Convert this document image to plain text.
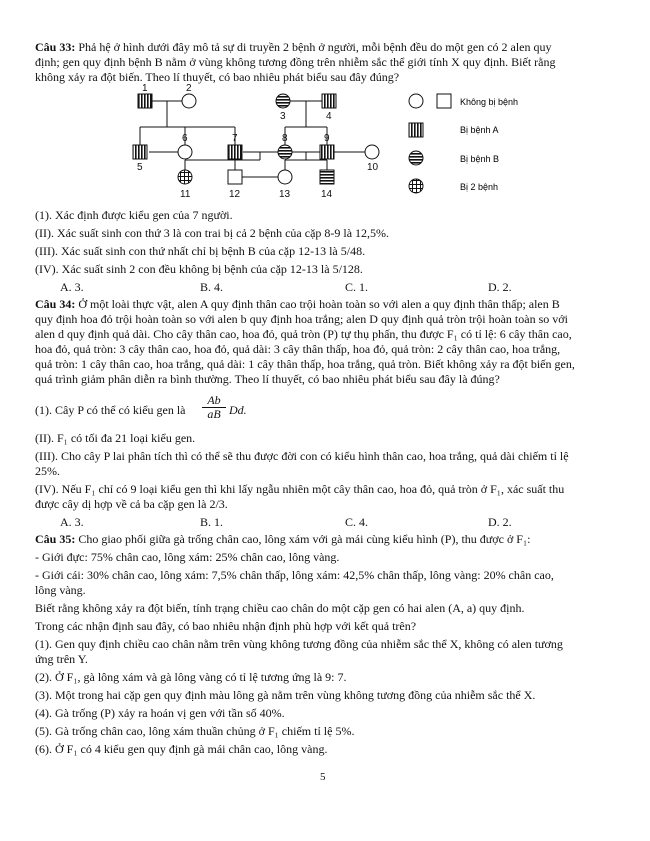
Câu 33: Phả hệ ở hình dưới đây mô tả sự di truyền 2 bệnh ở người, mỗi bệnh đều do một gen có 2 alen quy
định; gen quy định bệnh B nằm ở vùng không tương đồng trên nhiễm sắc thể giới tính X quy định. Biết rằng
không xảy ra đột biến. Theo lí thuyết, có bao nhiêu phát biểu sau đây đúng?
1	2
3	4
5
6	7	8	9
10
11	12	13	14
Không bị bệnh
Bị bệnh A
Bị bệnh B
Bị 2 bệnh
(1). Xác định được kiểu gen của 7 người.
(II). Xác suất sinh con thứ 3 là con trai bị cả 2 bệnh của cặp 8-9 là 12,5%.
(III). Xác suất sinh con thứ nhất chỉ bị bệnh B của cặp 12-13 là 5/48.
(IV). Xác suất sinh 2 con đều không bị bệnh của cặp 12-13 là 5/128.
A. 3.	B. 4.	C. 1.	D. 2.
Câu 34: Ở một loài thực vật, alen A quy định thân cao trội hoàn toàn so với alen a quy định thân thấp; alen B
quy định hoa đỏ trội hoàn toàn so với alen b quy định hoa trắng; alen D quy định quả tròn trội hoàn toàn so với
alen d quy định quả dài. Cho cây thân cao, hoa đỏ, quả tròn (P) tự thụ phấn, thu được F₁ có tỉ lệ: 6 cây thân cao,
hoa đỏ, quả tròn: 3 cây thân cao, hoa đỏ, quả dài: 3 cây thân thấp, hoa đỏ, quả tròn: 2 cây thân cao, hoa trắng,
quả tròn: 1 cây thân cao, hoa trắng, quả dài: 1 cây thân thấp, hoa trắng, quả tròn. Biết không xảy ra đột biến gen,
quá trình giảm phân diễn ra bình thường. Theo lí thuyết, có bao nhiêu phát biểu sau đây là đúng?
(1). Cây P có thể có kiểu gen là
Ab
aB Dd.
(II). F₁ có tối đa 21 loại kiểu gen.
(III). Cho cây P lai phân tích thì có thể sẽ thu được đời con có kiểu hình thân cao, hoa trắng, quả dài chiếm tỉ lệ
25%.
(IV). Nếu F₁ chỉ có 9 loại kiểu gen thì khi lấy ngẫu nhiên một cây thân cao, hoa đỏ, quả tròn ở F₁, xác suất thu
được cây dị hợp về cả ba cặp gen là 2/3.
A. 3.	B. 1.	C. 4.	D. 2.
Câu 35: Cho giao phối giữa gà trống chân cao, lông xám với gà mái cùng kiểu hình (P), thu được ở F₁:
- Giới đực: 75% chân cao, lông xám: 25% chân cao, lông vàng.
- Giới cái: 30% chân cao, lông xám: 7,5% chân thấp, lông xám: 42,5% chân thấp, lông vàng: 20% chân cao,
lông vàng.
Biết rằng không xảy ra đột biến, tính trạng chiều cao chân do một cặp gen có hai alen (A, a) quy định.
Trong các nhận định sau đây, có bao nhiêu nhận định phù hợp với kết quả trên?
(1). Gen quy định chiều cao chân nằm trên vùng không tương đồng của nhiễm sắc thể X, không có alen tương
ứng trên Y.
(2). Ở F₁, gà lông xám và gà lông vàng có tỉ lệ tương ứng là 9: 7.
(3). Một trong hai cặp gen quy định màu lông gà nằm trên vùng không tương đồng của nhiễm sắc thể X.
(4). Gà trống (P) xảy ra hoán vị gen với tần số 40%.
(5). Gà trống chân cao, lông xám thuần chủng ở F₁ chiếm tỉ lệ 5%.
(6). Ở F₁ có 4 kiểu gen quy định gà mái chân cao, lông vàng.
5
